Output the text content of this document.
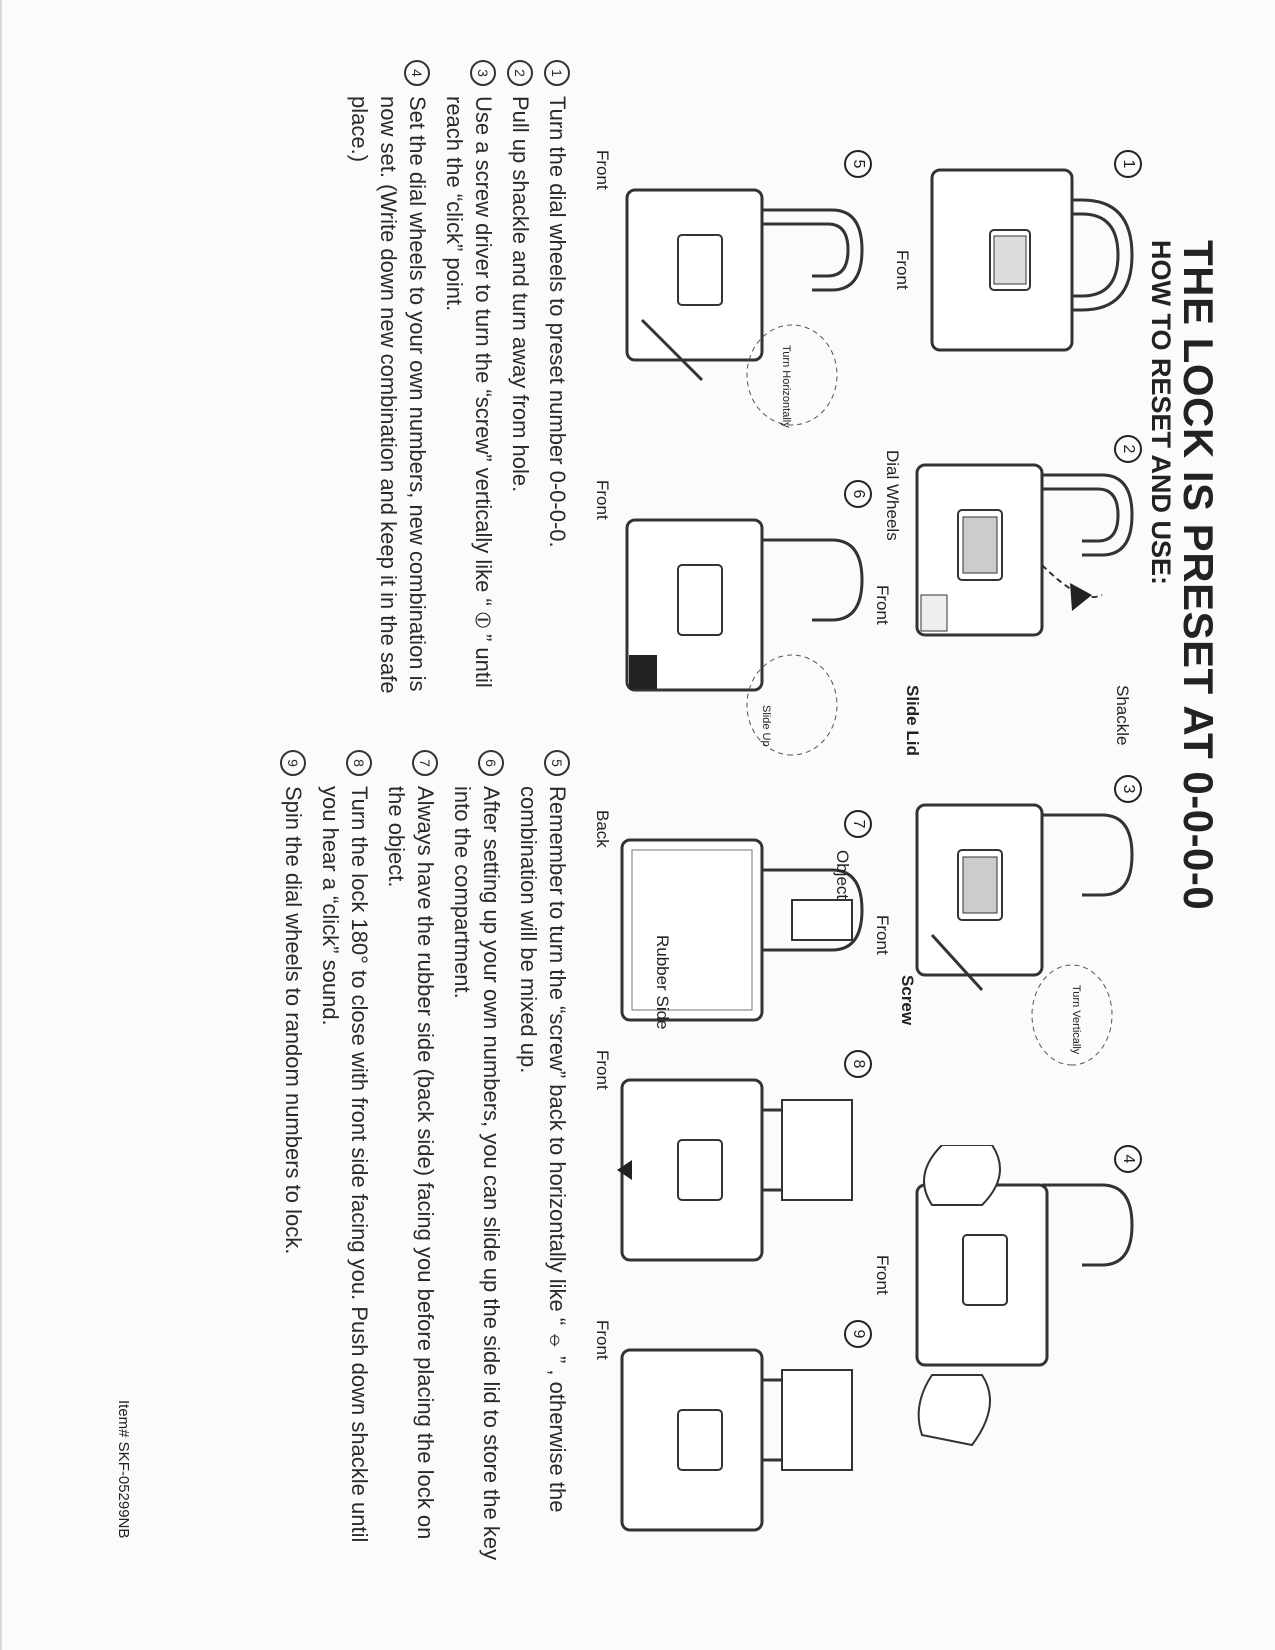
THE LOCK IS PRESET AT 0-0-0-0
HOW TO RESET AND USE:
1
Front
2
Shackle
Dial Wheels
Slide Lid
Front
3
Screw	Turn Vertically
Front
4
Front
5
Turn Horizontally
Front
6
Slide Up
Front
7
Object
Rubber Side
Back
8
Front
9
Front
1
Turn the dial wheels to preset number 0-0-0-0.
2
Pull up shackle and turn away from hole.
3
Use a screw driver to turn the “screw” vertically like “ ⦶ ” until reach the “click” point.
4
Set the dial wheels to your own numbers, new combination is now set. (Write down new combination and keep it in the safe place.)
5
Remember to turn the “screw” back to horizontally like “ ⦵ ” , otherwise the combination will be mixed up.
6
After setting up your own numbers, you can slide up the side lid to store the key into the compartment.
7
Always have the rubber side (back side) facing you before placing the lock on the object.
8
Turn the lock 180° to close with front side facing you. Push down shackle until you hear a “click” sound.
9
Spin the dial wheels to random numbers to lock.
Item# SKF-05299NB
